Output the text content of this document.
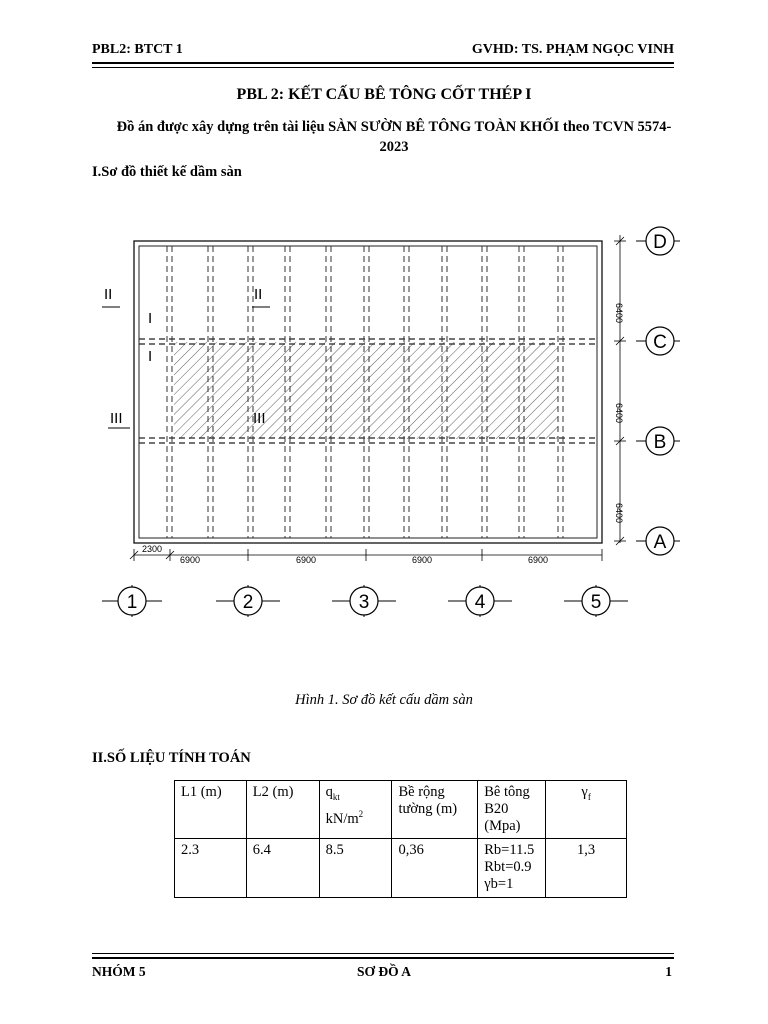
PBL2: BTCT 1	GVHD: TS. PHẠM NGỌC VINH
PBL 2: KẾT CẤU BÊ TÔNG CỐT THÉP I
Đồ án được xây dựng trên tài liệu SÀN SƯỜN BÊ TÔNG TOÀN KHỐI theo TCVN 5574-2023
I.Sơ đồ thiết kế dầm sàn
II	II
I
I
III	III
2300
6900	6900	6900	6900
6400
6400
6400
D
C
B
A
1	2	3	4	5
Hình 1. Sơ đồ kết cấu dầm sàn
II.SỐ LIỆU TÍNH TOÁN
L1 (m)	L2 (m)	$q_{kt}$
$kN/m^2$	Bề rộng tường (m)	Bê tông B20 (Mpa)	$\gamma_f$
2.3	6.4	8.5	0,36	Rb=11.5
Rbt=0.9
γb=1	1,3
NHÓM 5	SƠ ĐỒ A	1
